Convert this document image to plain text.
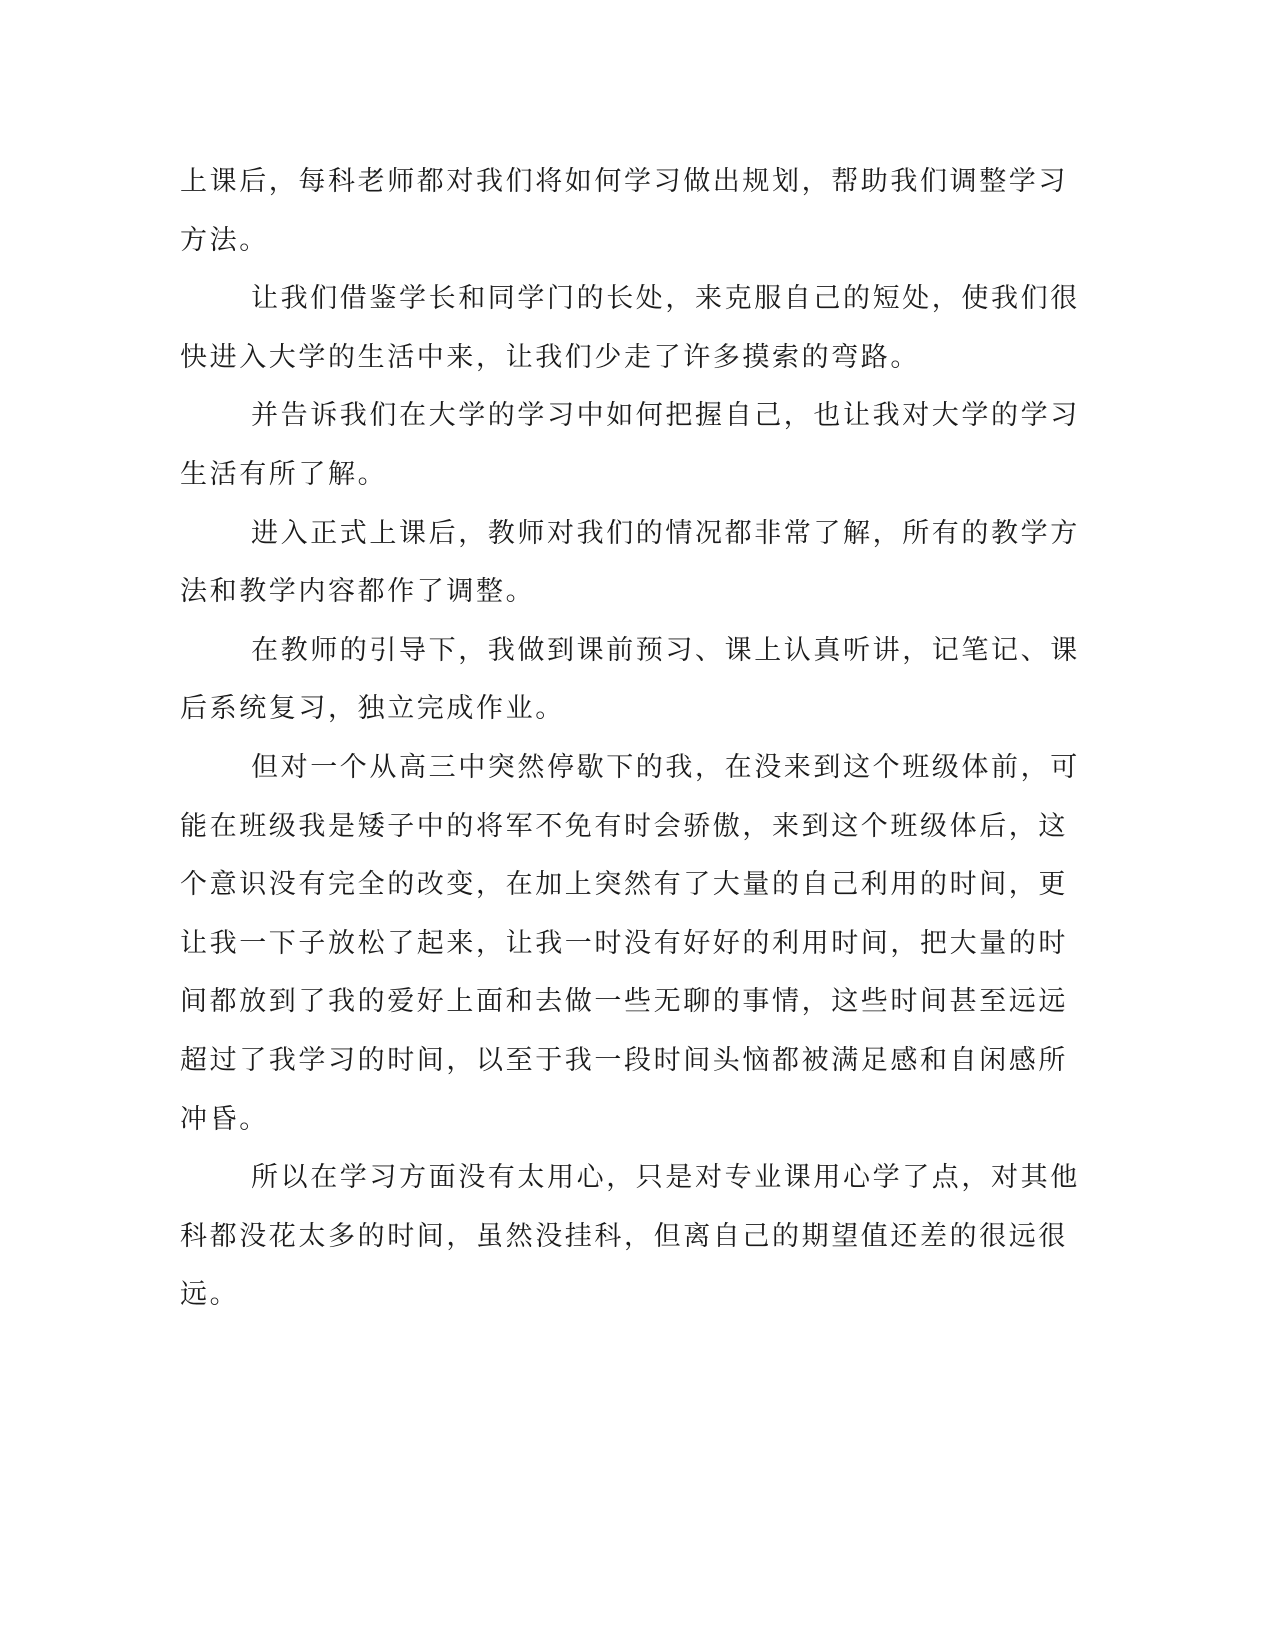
上课后，每科老师都对我们将如何学习做出规划，帮助我们调整学习
方法。
让我们借鉴学长和同学门的长处，来克服自己的短处，使我们很
快进入大学的生活中来，让我们少走了许多摸索的弯路。
并告诉我们在大学的学习中如何把握自己，也让我对大学的学习
生活有所了解。
进入正式上课后，教师对我们的情况都非常了解，所有的教学方
法和教学内容都作了调整。
在教师的引导下，我做到课前预习、课上认真听讲，记笔记、课
后系统复习，独立完成作业。
但对一个从高三中突然停歇下的我，在没来到这个班级体前，可
能在班级我是矮子中的将军不免有时会骄傲，来到这个班级体后，这
个意识没有完全的改变，在加上突然有了大量的自己利用的时间，更
让我一下子放松了起来，让我一时没有好好的利用时间，把大量的时
间都放到了我的爱好上面和去做一些无聊的事情，这些时间甚至远远
超过了我学习的时间，以至于我一段时间头恼都被满足感和自闲感所
冲昏。
所以在学习方面没有太用心，只是对专业课用心学了点，对其他
科都没花太多的时间，虽然没挂科，但离自己的期望值还差的很远很
远。
